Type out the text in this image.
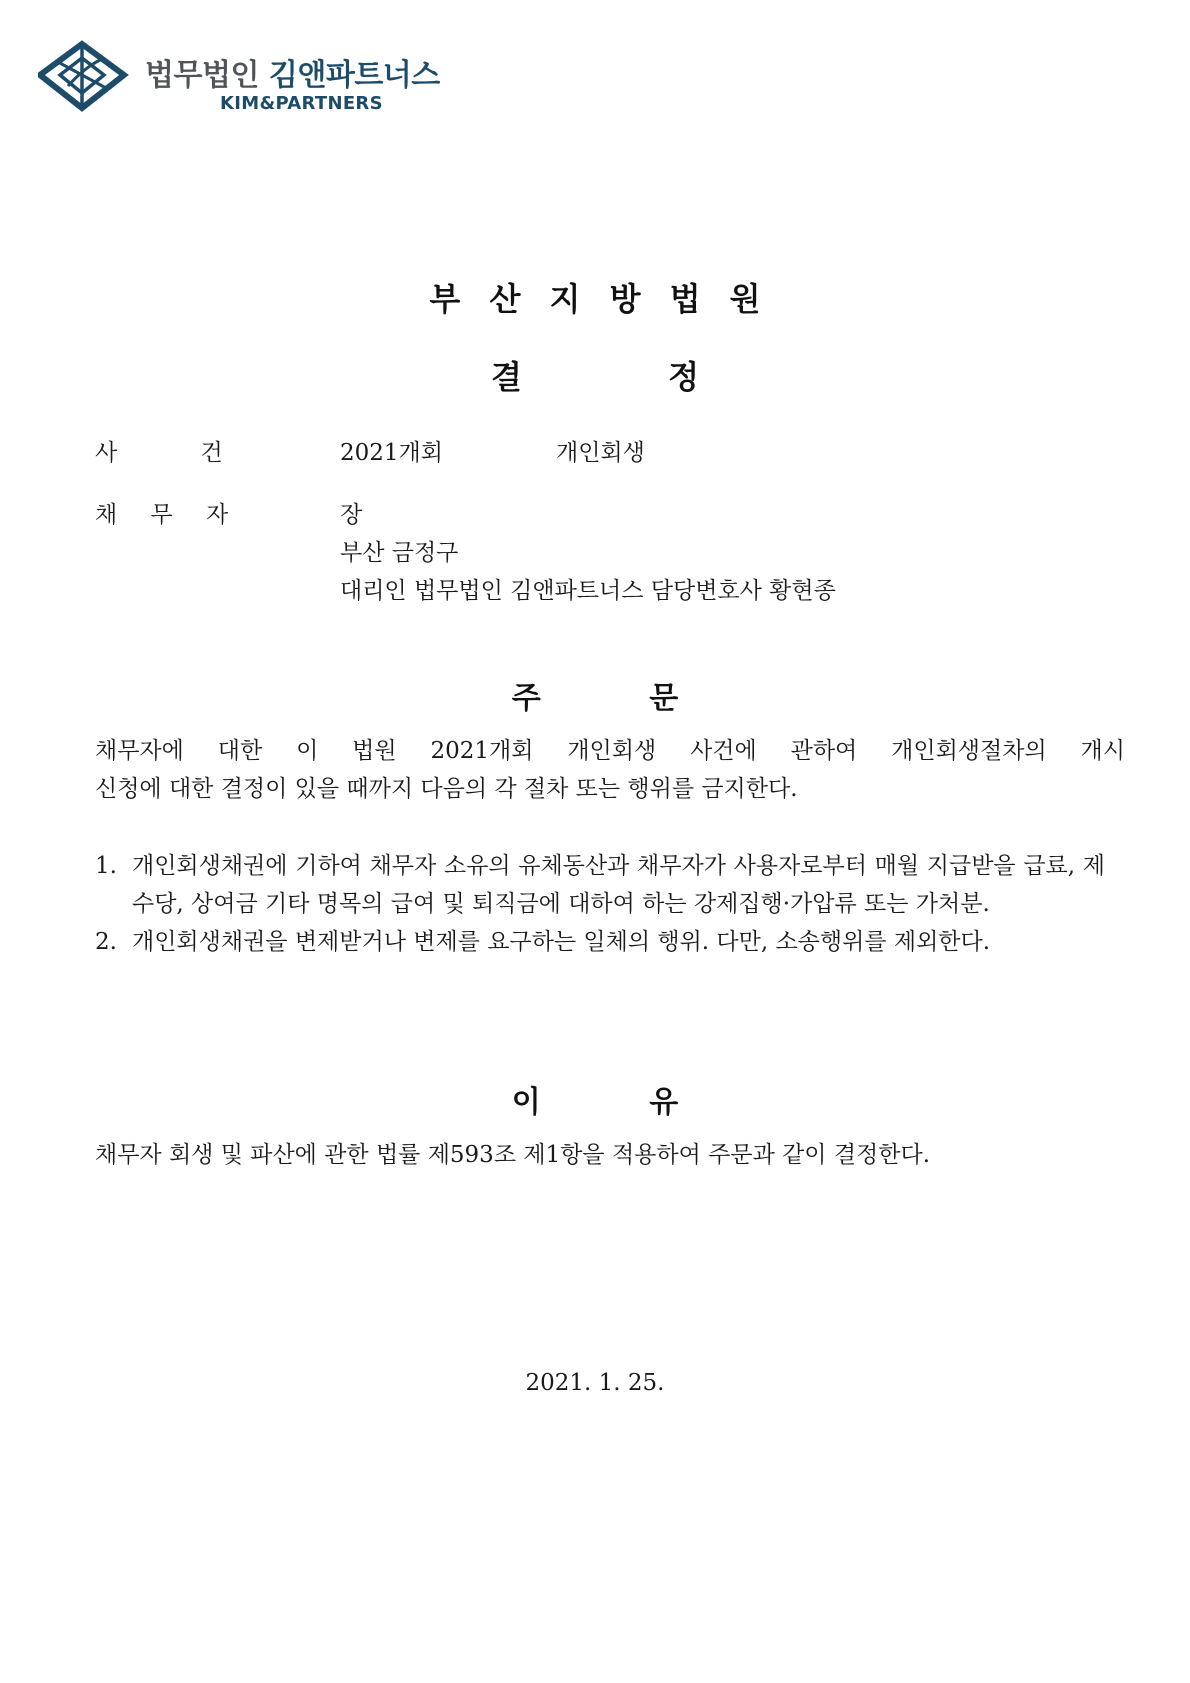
법무법인 김앤파트너스
KIM&PARTNERS
부 산 지 방 법 원
결 정
사 건	2021개회	개인회생
채 무 자	장
부산 금정구
대리인 법무법인 김앤파트너스 담당변호사 황현종
주 문

채무자에 대한 이 법원 2021개회 개인회생 사건에 관하여 개인회생절차의 개시

신청에 대한 결정이 있을 때까지 다음의 각 절차 또는 행위를 금지한다.

1. 개인회생채권에 기하여 채무자 소유의 유체동산과 채무자가 사용자로부터 매월 지급받을 급료, 제수당, 상여금 기타 명목의 급여 및 퇴직금에 대하여 하는 강제집행·가압류 또는 가처분.
2. 개인회생채권을 변제받거나 변제를 요구하는 일체의 행위. 다만, 소송행위를 제외한다.
이 유

채무자 회생 및 파산에 관한 법률 제593조 제1항을 적용하여 주문과 같이 결정한다.

2021. 1. 25.
